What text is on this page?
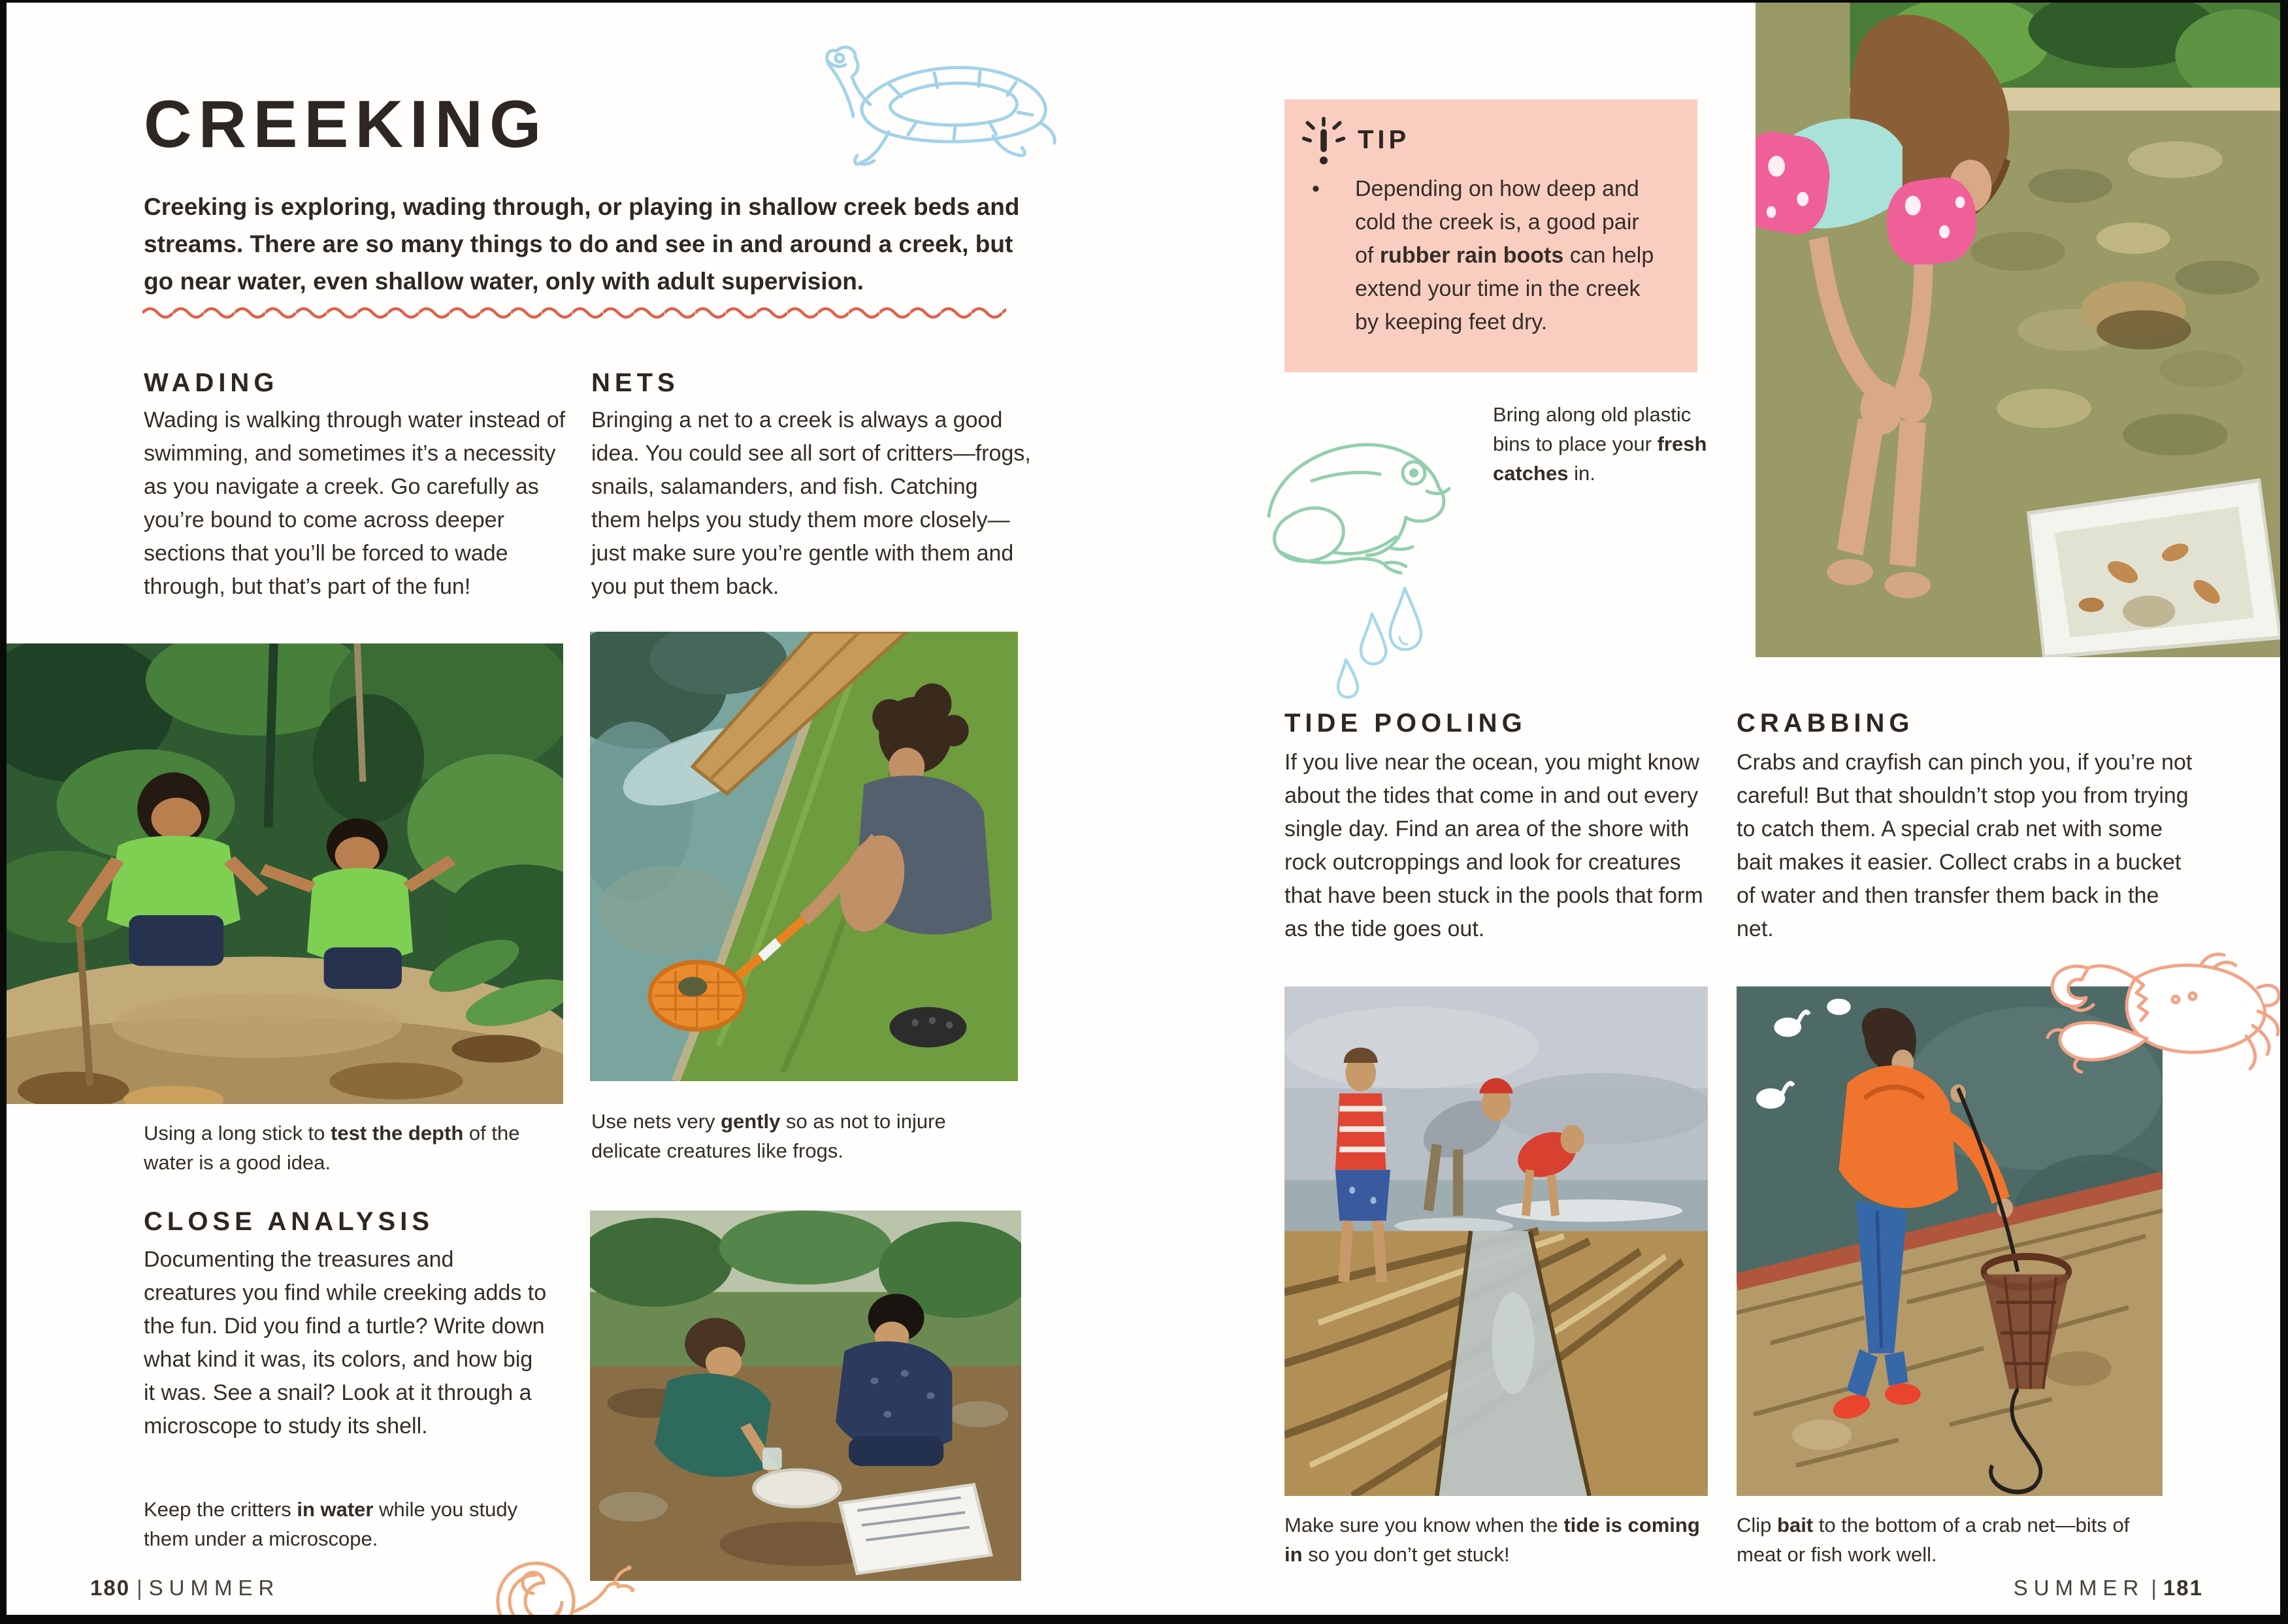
CREEKING

Creeking is exploring, wading through, or playing in shallow creek beds and streams. There are so many things to do and see in and around a creek, but go near water, even shallow water, only with adult supervision.

WADING

Wading is walking through water instead of swimming, and sometimes it’s a necessity as you navigate a creek. Go carefully as you’re bound to come across deeper sections that you’ll be forced to wade through, but that’s part of the fun!

NETS

Bringing a net to a creek is always a good idea. You could see all sort of critters—frogs, snails, salamanders, and fish. Catching them helps you study them more closely—just make sure you’re gentle with them and you put them back.

Use nets very gently so as not to injure delicate creatures like frogs.

Using a long stick to test the depth of the water is a good idea.

CLOSE ANALYSIS

Documenting the treasures and creatures you find while creeking adds to the fun. Did you find a turtle? Write down what kind it was, its colors, and how big it was. See a snail? Look at it through a microscope to study its shell.

Keep the critters in water while you study them under a microscope.

180 | SUMMER
TIP
• Depending on how deep and cold the creek is, a good pair of rubber rain boots can help extend your time in the creek by keeping feet dry.

Bring along old plastic bins to place your fresh catches in.

TIDE POOLING

If you live near the ocean, you might know about the tides that come in and out every single day. Find an area of the shore with rock outcroppings and look for creatures that have been stuck in the pools that form as the tide goes out.

CRABBING

Crabs and crayfish can pinch you, if you’re not careful! But that shouldn’t stop you from trying to catch them. A special crab net with some bait makes it easier. Collect crabs in a bucket of water and then transfer them back in the net.

Make sure you know when the tide is coming in so you don’t get stuck!

Clip bait to the bottom of a crab net—bits of meat or fish work well.

SUMMER | 181
